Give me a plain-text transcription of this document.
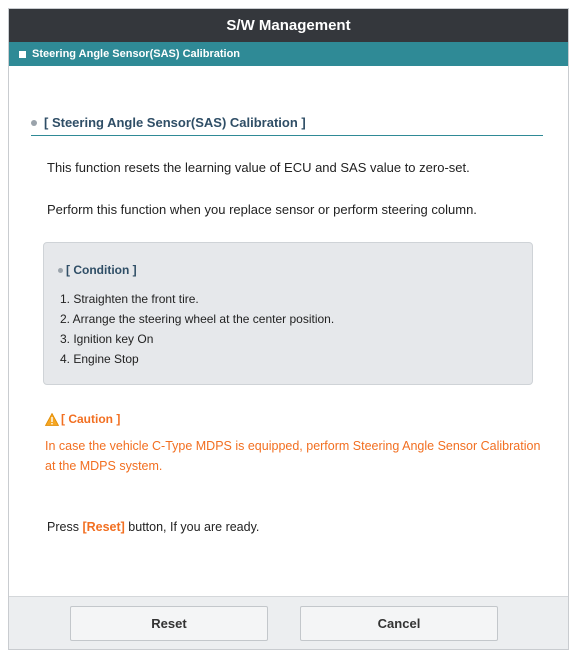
S/W Management
Steering Angle Sensor(SAS) Calibration
[ Steering Angle Sensor(SAS) Calibration ]
This function resets the learning value of ECU and SAS value to zero-set.
Perform this function when you replace sensor or perform steering column.
[ Condition ]
1. Straighten the front tire.
2. Arrange the steering wheel at the center position.
3. Ignition key On
4. Engine Stop
[ Caution ]
In case the vehicle C-Type MDPS is equipped, perform Steering Angle Sensor Calibration at the MDPS system.
Press [Reset] button, If you are ready.
Reset	Cancel
